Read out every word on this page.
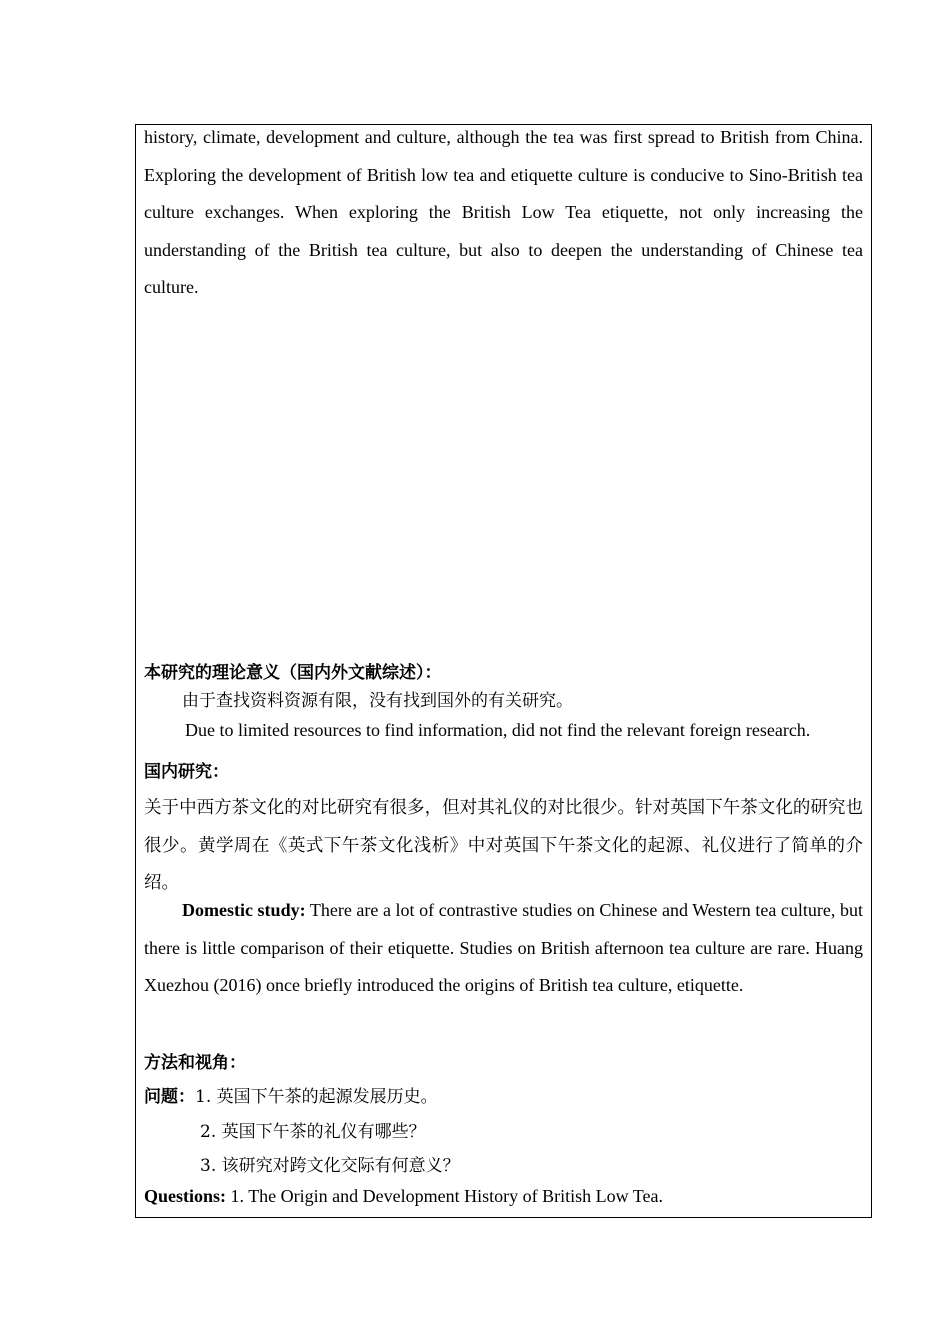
history, climate, development and culture, although the tea was first spread to British from China. Exploring the development of British low tea and etiquette culture is conducive to Sino-British tea culture exchanges. When exploring the British Low Tea etiquette, not only increasing the understanding of the British tea culture, but also to deepen the understanding of Chinese tea culture.
本研究的理论意义（国内外文献综述）：
由于查找资料资源有限，没有找到国外的有关研究。
Due to limited resources to find information, did not find the relevant foreign research.
国内研究：
关于中西方茶文化的对比研究有很多，但对其礼仪的对比很少。针对英国下午茶文化的研究也很少。黄学周在《英式下午茶文化浅析》中对英国下午茶文化的起源、礼仪进行了简单的介绍。
Domestic study: There are a lot of contrastive studies on Chinese and Western tea culture, but there is little comparison of their etiquette. Studies on British afternoon tea culture are rare. Huang Xuezhou (2016) once briefly introduced the origins of British tea culture, etiquette.
方法和视角：
问题：1. 英国下午茶的起源发展历史。
2. 英国下午茶的礼仪有哪些？
3. 该研究对跨文化交际有何意义？
Questions: 1. The Origin and Development History of British Low Tea.
